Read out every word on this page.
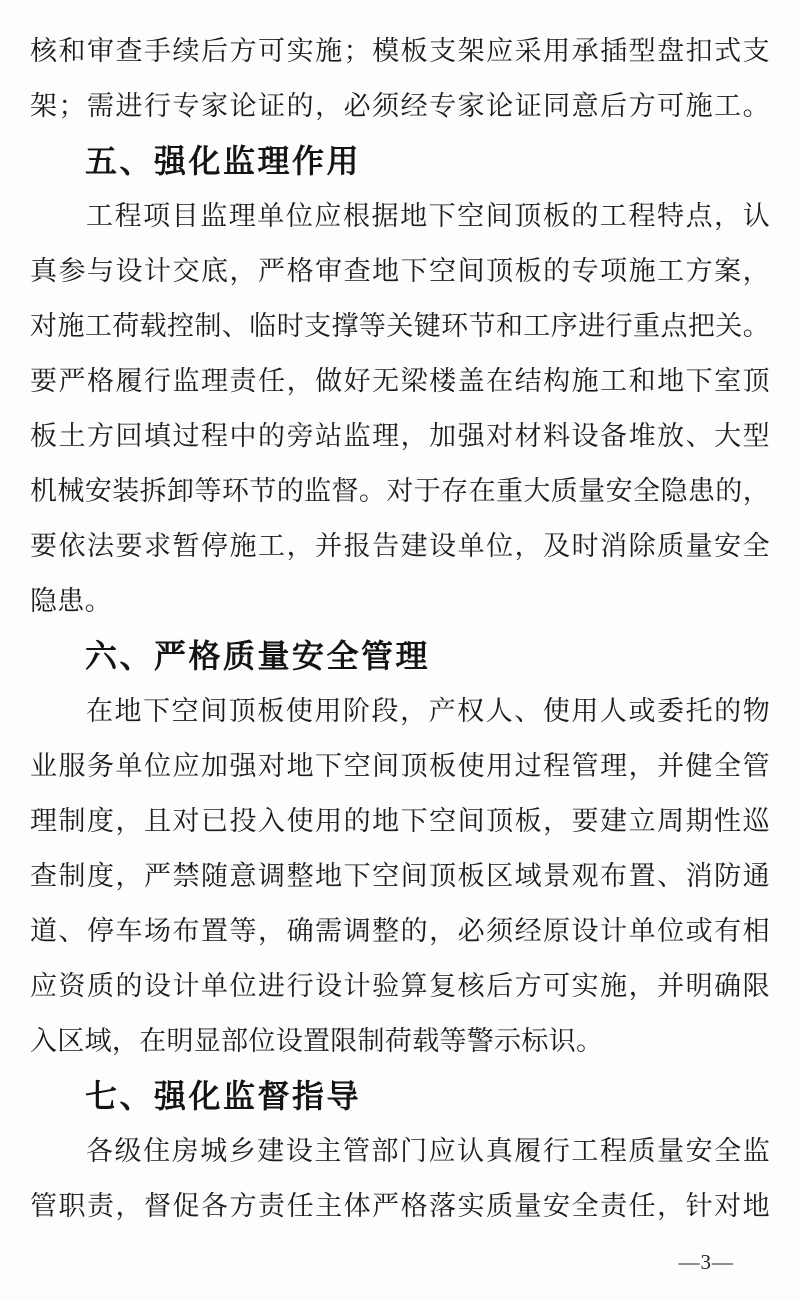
核和审查手续后方可实施；模板支架应采用承插型盘扣式支
架；需进行专家论证的，必须经专家论证同意后方可施工。
五、强化监理作用
工程项目监理单位应根据地下空间顶板的工程特点，认
真参与设计交底，严格审查地下空间顶板的专项施工方案，
对施工荷载控制、临时支撑等关键环节和工序进行重点把关。
要严格履行监理责任，做好无梁楼盖在结构施工和地下室顶
板土方回填过程中的旁站监理，加强对材料设备堆放、大型
机械安装拆卸等环节的监督。对于存在重大质量安全隐患的，
要依法要求暂停施工，并报告建设单位，及时消除质量安全
隐患。
六、严格质量安全管理
在地下空间顶板使用阶段，产权人、使用人或委托的物
业服务单位应加强对地下空间顶板使用过程管理，并健全管
理制度，且对已投入使用的地下空间顶板，要建立周期性巡
查制度，严禁随意调整地下空间顶板区域景观布置、消防通
道、停车场布置等，确需调整的，必须经原设计单位或有相
应资质的设计单位进行设计验算复核后方可实施，并明确限
入区域，在明显部位设置限制荷载等警示标识。
七、强化监督指导
各级住房城乡建设主管部门应认真履行工程质量安全监
管职责，督促各方责任主体严格落实质量安全责任，针对地
—3—
